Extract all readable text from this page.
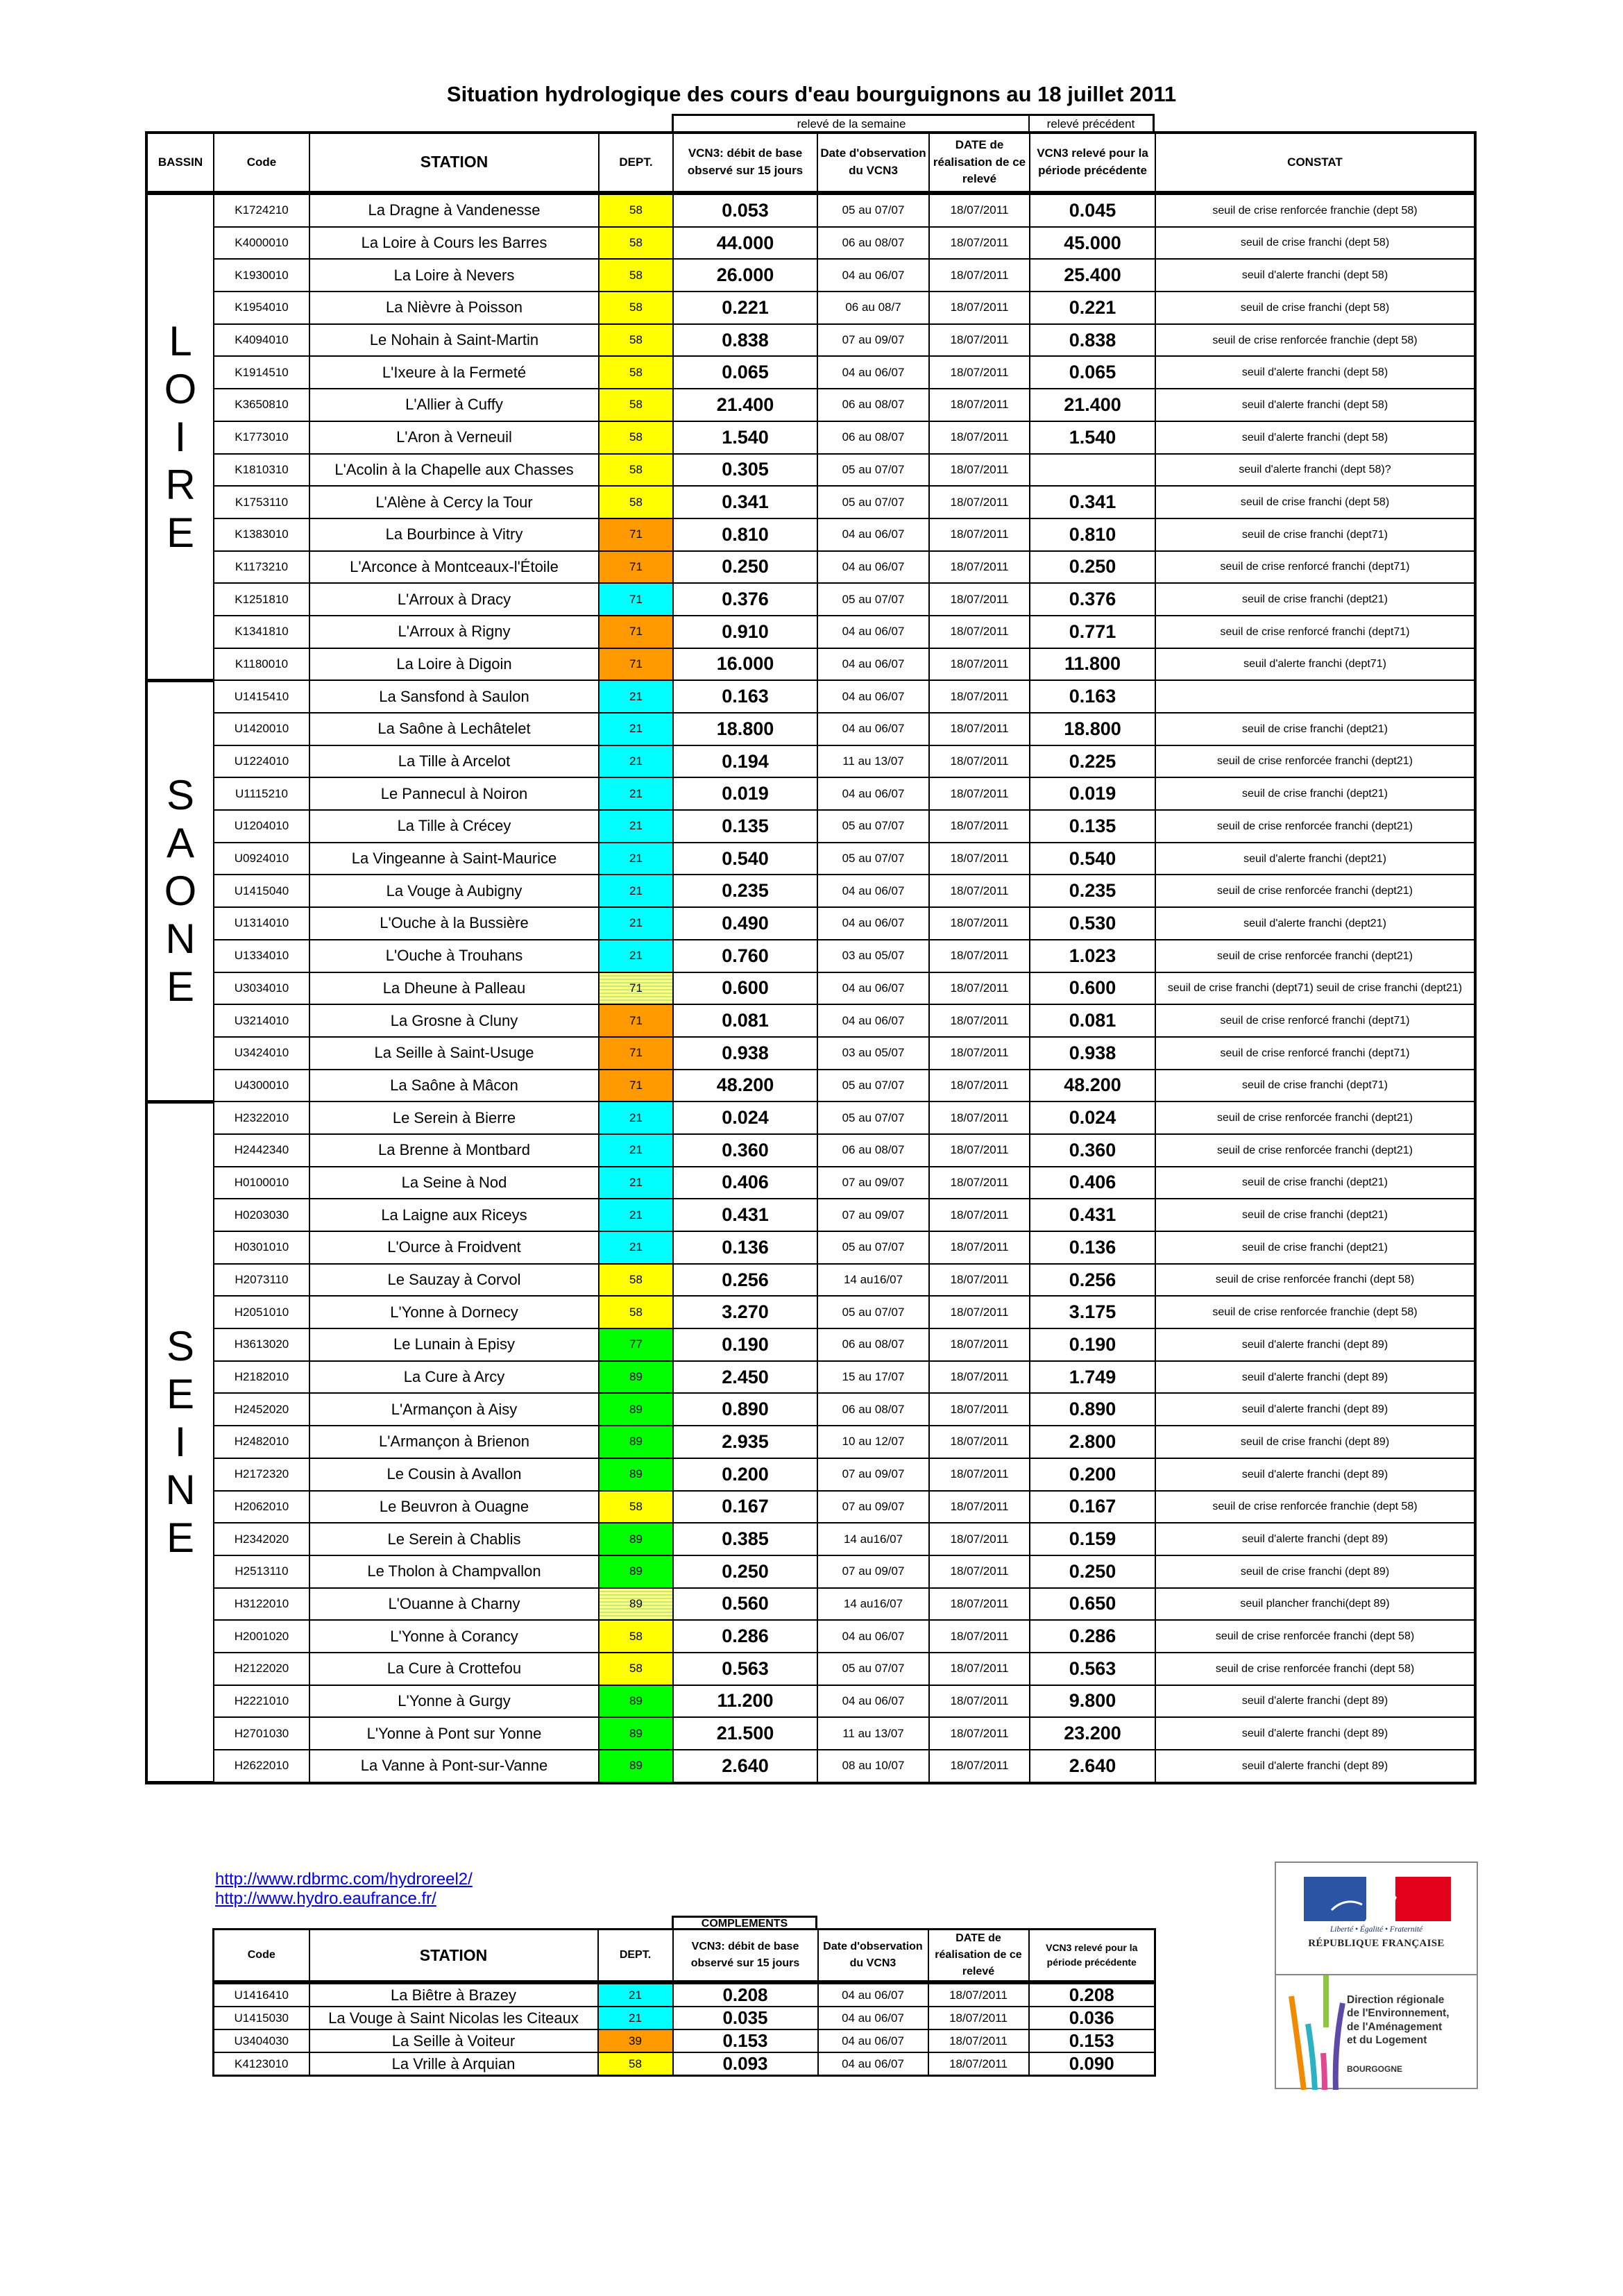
Situation hydrologique des cours d'eau bourguignons au 18 juillet 2011
relevé de la semaine	relevé précédent
BASSIN	Code	STATION	DEPT.	VCN3: débit de base observé sur 15 jours	Date d'observation du VCN3	DATE de réalisation de ce relevé	VCN3 relevé pour la période précédente	CONSTAT

L
O
I
R
E	K1724210	La Dragne à Vandenesse	58	0.053	05 au 07/07	18/07/2011	0.045	seuil de crise renforcée franchie (dept 58)
	K4000010	La Loire à Cours les Barres	58	44.000	06 au 08/07	18/07/2011	45.000	seuil de crise franchi (dept 58)
	K1930010	La Loire à Nevers	58	26.000	04 au 06/07	18/07/2011	25.400	seuil d'alerte franchi (dept 58)
	K1954010	La Nièvre à Poisson	58	0.221	06 au 08/7	18/07/2011	0.221	seuil de crise franchi (dept 58)
	K4094010	Le Nohain à Saint-Martin	58	0.838	07 au 09/07	18/07/2011	0.838	seuil de crise renforcée franchie (dept 58)
	K1914510	L'Ixeure à la Fermeté	58	0.065	04 au 06/07	18/07/2011	0.065	seuil d'alerte franchi (dept 58)
	K3650810	L'Allier à Cuffy	58	21.400	06 au 08/07	18/07/2011	21.400	seuil d'alerte franchi (dept 58)
	K1773010	L'Aron à Verneuil	58	1.540	06 au 08/07	18/07/2011	1.540	seuil d'alerte franchi (dept 58)
	K1810310	L'Acolin à la Chapelle aux Chasses	58	0.305	05 au 07/07	18/07/2011		seuil d'alerte franchi (dept 58)?
	K1753110	L'Alène à Cercy la Tour	58	0.341	05 au 07/07	18/07/2011	0.341	seuil de crise franchi (dept 58)
	K1383010	La Bourbince à Vitry	71	0.810	04 au 06/07	18/07/2011	0.810	seuil de crise franchi (dept71)
	K1173210	L'Arconce à Montceaux-l'Étoile	71	0.250	04 au 06/07	18/07/2011	0.250	seuil de crise renforcé franchi (dept71)
	K1251810	L'Arroux à Dracy	71	0.376	05 au 07/07	18/07/2011	0.376	seuil de crise franchi (dept21)
	K1341810	L'Arroux à Rigny	71	0.910	04 au 06/07	18/07/2011	0.771	seuil de crise renforcé franchi (dept71)
	K1180010	La Loire à Digoin	71	16.000	04 au 06/07	18/07/2011	11.800	seuil d'alerte franchi (dept71)

S
A
O
N
E	U1415410	La Sansfond à Saulon	21	0.163	04 au 06/07	18/07/2011	0.163	
	U1420010	La Saône à Lechâtelet	21	18.800	04 au 06/07	18/07/2011	18.800	seuil de crise franchi (dept21)
	U1224010	La Tille à Arcelot	21	0.194	11 au 13/07	18/07/2011	0.225	seuil de crise renforcée franchi (dept21)
	U1115210	Le Pannecul à Noiron	21	0.019	04 au 06/07	18/07/2011	0.019	seuil de crise franchi (dept21)
	U1204010	La Tille à Crécey	21	0.135	05 au 07/07	18/07/2011	0.135	seuil de crise renforcée franchi (dept21)
	U0924010	La Vingeanne à Saint-Maurice	21	0.540	05 au 07/07	18/07/2011	0.540	seuil d'alerte franchi (dept21)
	U1415040	La Vouge à Aubigny	21	0.235	04 au 06/07	18/07/2011	0.235	seuil de crise renforcée franchi (dept21)
	U1314010	L'Ouche à la Bussière	21	0.490	04 au 06/07	18/07/2011	0.530	seuil d'alerte franchi (dept21)
	U1334010	L'Ouche à Trouhans	21	0.760	03 au 05/07	18/07/2011	1.023	seuil de crise renforcée franchi (dept21)
	U3034010	La Dheune à Palleau	71	0.600	04 au 06/07	18/07/2011	0.600	seuil de crise franchi (dept71) seuil de crise franchi (dept21)
	U3214010	La Grosne à Cluny	71	0.081	04 au 06/07	18/07/2011	0.081	seuil de crise renforcé franchi (dept71)
	U3424010	La Seille à Saint-Usuge	71	0.938	03 au 05/07	18/07/2011	0.938	seuil de crise renforcé franchi (dept71)
	U4300010	La Saône à Mâcon	71	48.200	05 au 07/07	18/07/2011	48.200	seuil de crise franchi (dept71)

S
E
I
N
E	H2322010	Le Serein à Bierre	21	0.024	05 au 07/07	18/07/2011	0.024	seuil de crise renforcée franchi (dept21)
	H2442340	La Brenne à Montbard	21	0.360	06 au 08/07	18/07/2011	0.360	seuil de crise renforcée franchi (dept21)
	H0100010	La Seine à Nod	21	0.406	07 au 09/07	18/07/2011	0.406	seuil de crise franchi (dept21)
	H0203030	La Laigne aux Riceys	21	0.431	07 au 09/07	18/07/2011	0.431	seuil de crise franchi (dept21)
	H0301010	L'Ource à Froidvent	21	0.136	05 au 07/07	18/07/2011	0.136	seuil de crise franchi (dept21)
	H2073110	Le Sauzay à Corvol	58	0.256	14 au16/07	18/07/2011	0.256	seuil de crise renforcée franchi (dept 58)
	H2051010	L'Yonne à Dornecy	58	3.270	05 au 07/07	18/07/2011	3.175	seuil de crise renforcée franchie (dept 58)
	H3613020	Le Lunain à Episy	77	0.190	06 au 08/07	18/07/2011	0.190	seuil d'alerte franchi (dept 89)
	H2182010	La Cure à Arcy	89	2.450	15 au 17/07	18/07/2011	1.749	seuil d'alerte franchi (dept 89)
	H2452020	L'Armançon à Aisy	89	0.890	06 au 08/07	18/07/2011	0.890	seuil d'alerte franchi (dept 89)
	H2482010	L'Armançon à Brienon	89	2.935	10 au 12/07	18/07/2011	2.800	seuil de crise franchi (dept 89)
	H2172320	Le Cousin à Avallon	89	0.200	07 au 09/07	18/07/2011	0.200	seuil d'alerte franchi (dept 89)
	H2062010	Le Beuvron à Ouagne	58	0.167	07 au 09/07	18/07/2011	0.167	seuil de crise renforcée franchie (dept 58)
	H2342020	Le Serein à Chablis	89	0.385	14 au16/07	18/07/2011	0.159	seuil d'alerte franchi (dept 89)
	H2513110	Le Tholon à Champvallon	89	0.250	07 au 09/07	18/07/2011	0.250	seuil de crise franchi (dept 89)
	H3122010	L'Ouanne à Charny	89	0.560	14 au16/07	18/07/2011	0.650	seuil plancher franchi(dept 89)
	H2001020	L'Yonne à Corancy	58	0.286	04 au 06/07	18/07/2011	0.286	seuil de crise renforcée franchi (dept 58)
	H2122020	La Cure à Crottefou	58	0.563	05 au 07/07	18/07/2011	0.563	seuil de crise renforcée franchi (dept 58)
	H2221010	L'Yonne à Gurgy	89	11.200	04 au 06/07	18/07/2011	9.800	seuil d'alerte franchi (dept 89)
	H2701030	L'Yonne à Pont sur Yonne	89	21.500	11 au 13/07	18/07/2011	23.200	seuil d'alerte franchi (dept 89)
	H2622010	La Vanne à Pont-sur-Vanne	89	2.640	08 au 10/07	18/07/2011	2.640	seuil d'alerte franchi (dept 89)
http://www.rdbrmc.com/hydroreel2/
http://www.hydro.eaufrance.fr/
COMPLEMENTS
Code	STATION	DEPT.	VCN3: débit de base observé sur 15 jours	Date d'observation du VCN3	DATE de réalisation de ce relevé	VCN3 relevé pour la période précédente
U1416410	La Biêtre à Brazey	21	0.208	04 au 06/07	18/07/2011	0.208
U1415030	La Vouge à Saint Nicolas les Citeaux	21	0.035	04 au 06/07	18/07/2011	0.036
U3404030	La Seille à Voiteur	39	0.153	04 au 06/07	18/07/2011	0.153
K4123010	La Vrille à Arquian	58	0.093	04 au 06/07	18/07/2011	0.090
Liberté • Égalité • Fraternité
RÉPUBLIQUE FRANÇAISE
Direction régionale
de l'Environnement,
de l'Aménagement
et du Logement
BOURGOGNE
